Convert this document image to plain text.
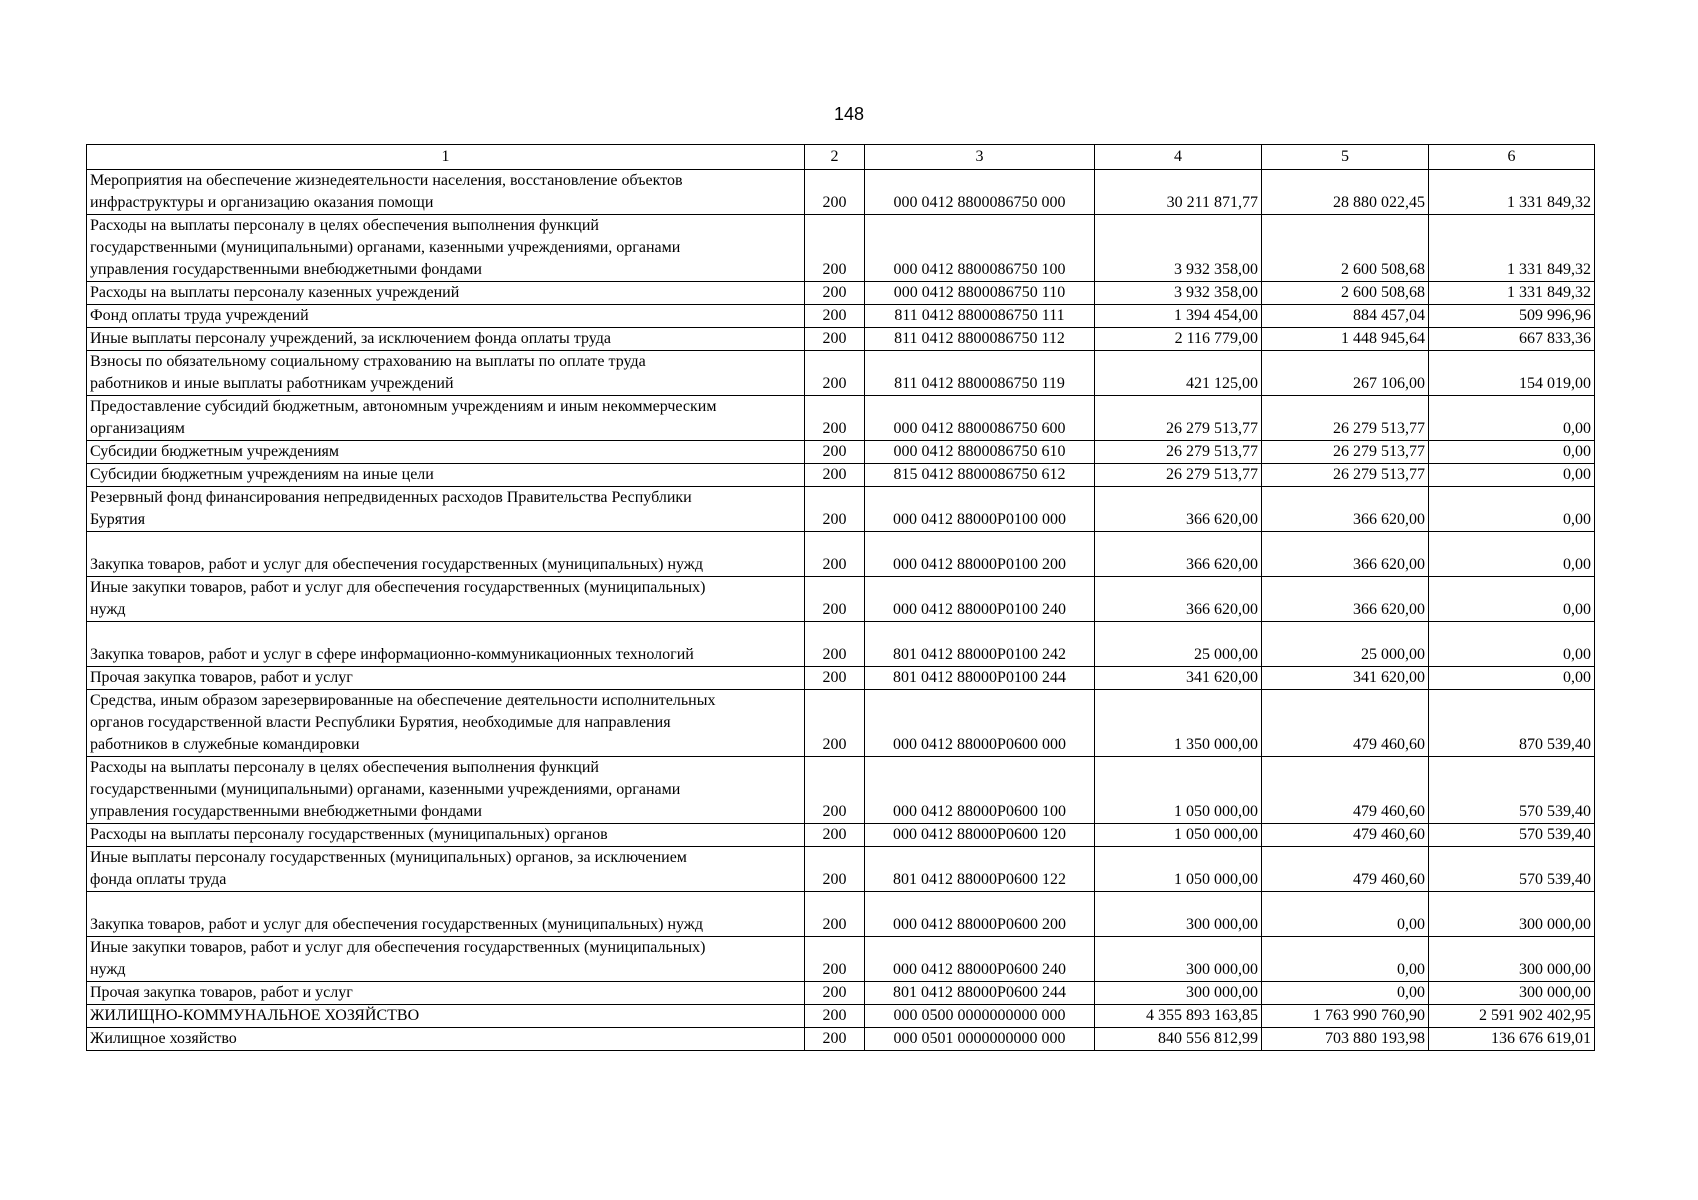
148
1	2	3	4	5	6

Мероприятия на обеспечение жизнедеятельности населения, восстановление объектов
инфраструктуры и организацию оказания помощи	200	000 0412 8800086750 000	30 211 871,77	28 880 022,45	1 331 849,32

Расходы на выплаты персоналу в целях обеспечения выполнения функций
государственными (муниципальными) органами, казенными учреждениями, органами
управления государственными внебюджетными фондами	200	000 0412 8800086750 100	3 932 358,00	2 600 508,68	1 331 849,32

Расходы на выплаты персоналу казенных учреждений	200	000 0412 8800086750 110	3 932 358,00	2 600 508,68	1 331 849,32

Фонд оплаты труда учреждений	200	811 0412 8800086750 111	1 394 454,00	884 457,04	509 996,96

Иные выплаты персоналу учреждений, за исключением фонда оплаты труда	200	811 0412 8800086750 112	2 116 779,00	1 448 945,64	667 833,36

Взносы по обязательному социальному страхованию на выплаты по оплате труда
работников и иные выплаты работникам учреждений	200	811 0412 8800086750 119	421 125,00	267 106,00	154 019,00

Предоставление субсидий бюджетным, автономным учреждениям и иным некоммерческим
организациям	200	000 0412 8800086750 600	26 279 513,77	26 279 513,77	0,00

Субсидии бюджетным учреждениям	200	000 0412 8800086750 610	26 279 513,77	26 279 513,77	0,00

Субсидии бюджетным учреждениям на иные цели	200	815 0412 8800086750 612	26 279 513,77	26 279 513,77	0,00

Резервный фонд финансирования непредвиденных расходов Правительства Республики
Бурятия	200	000 0412 88000Р0100 000	366 620,00	366 620,00	0,00

Закупка товаров, работ и услуг для обеспечения государственных (муниципальных) нужд	200	000 0412 88000Р0100 200	366 620,00	366 620,00	0,00

Иные закупки товаров, работ и услуг для обеспечения государственных (муниципальных)
нужд	200	000 0412 88000Р0100 240	366 620,00	366 620,00	0,00

Закупка товаров, работ и услуг в сфере информационно-коммуникационных технологий	200	801 0412 88000Р0100 242	25 000,00	25 000,00	0,00

Прочая закупка товаров, работ и услуг	200	801 0412 88000Р0100 244	341 620,00	341 620,00	0,00

Средства, иным образом зарезервированные на обеспечение деятельности исполнительных
органов государственной власти Республики Бурятия, необходимые для направления
работников в служебные командировки	200	000 0412 88000Р0600 000	1 350 000,00	479 460,60	870 539,40

Расходы на выплаты персоналу в целях обеспечения выполнения функций
государственными (муниципальными) органами, казенными учреждениями, органами
управления государственными внебюджетными фондами	200	000 0412 88000Р0600 100	1 050 000,00	479 460,60	570 539,40

Расходы на выплаты персоналу государственных (муниципальных) органов	200	000 0412 88000Р0600 120	1 050 000,00	479 460,60	570 539,40

Иные выплаты персоналу государственных (муниципальных) органов, за исключением
фонда оплаты труда	200	801 0412 88000Р0600 122	1 050 000,00	479 460,60	570 539,40

Закупка товаров, работ и услуг для обеспечения государственных (муниципальных) нужд	200	000 0412 88000Р0600 200	300 000,00	0,00	300 000,00

Иные закупки товаров, работ и услуг для обеспечения государственных (муниципальных)
нужд	200	000 0412 88000Р0600 240	300 000,00	0,00	300 000,00

Прочая закупка товаров, работ и услуг	200	801 0412 88000Р0600 244	300 000,00	0,00	300 000,00

ЖИЛИЩНО-КОММУНАЛЬНОЕ ХОЗЯЙСТВО	200	000 0500 0000000000 000	4 355 893 163,85	1 763 990 760,90	2 591 902 402,95

Жилищное хозяйство	200	000 0501 0000000000 000	840 556 812,99	703 880 193,98	136 676 619,01
